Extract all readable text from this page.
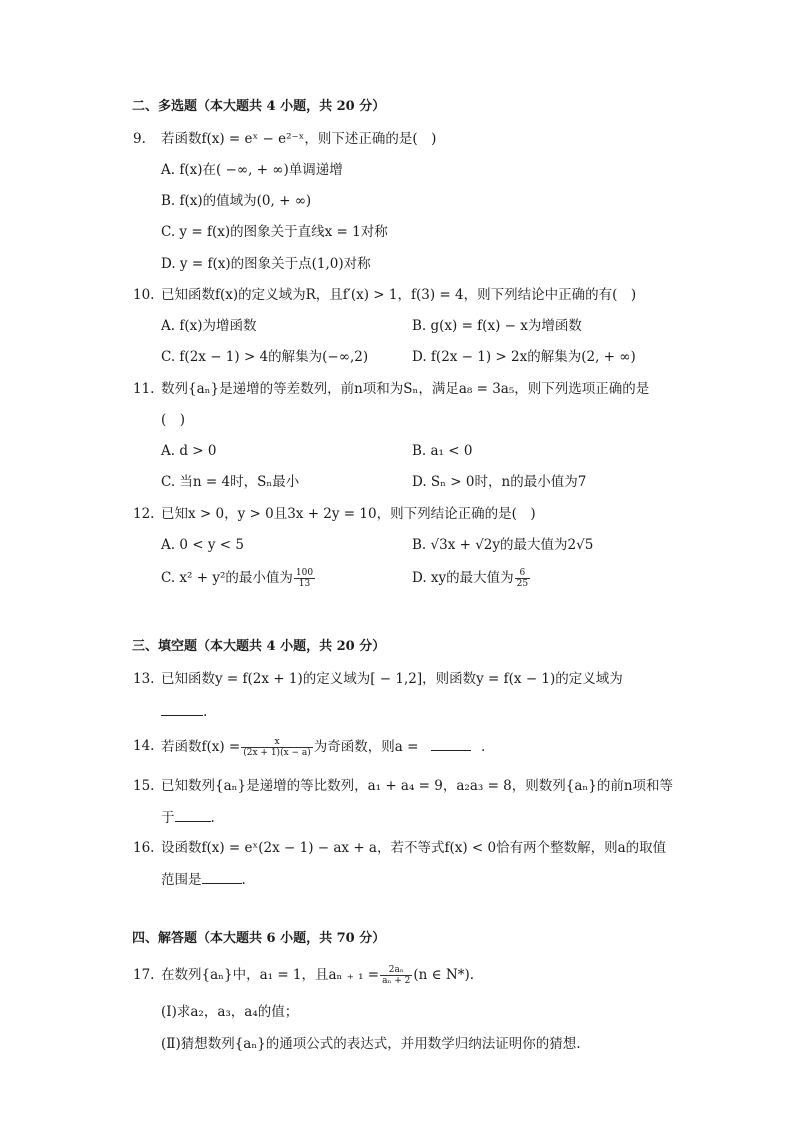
二、多选题（本大题共 4 小题，共 20 分）
9. 若函数f(x) = eˣ − e²⁻ˣ，则下述正确的是(　)
A. f(x)在( −∞, + ∞)单调递增
B. f(x)的值域为(0, + ∞)
C. y = f(x)的图象关于直线x = 1对称
D. y = f(x)的图象关于点(1,0)对称
10. 已知函数f(x)的定义域为R，且f′(x) > 1，f(3) = 4，则下列结论中正确的有(　)
A. f(x)为增函数	B. g(x) = f(x) − x为增函数
C. f(2x − 1) > 4的解集为(−∞,2)	D. f(2x − 1) > 2x的解集为(2, + ∞)
11. 数列{aₙ}是递增的等差数列，前n项和为Sₙ，满足a₈ = 3a₅，则下列选项正确的是
(　)
A. d > 0	B. a₁ < 0
C. 当n = 4时，Sₙ最小	D. Sₙ > 0时，n的最小值为7
12. 已知x > 0，y > 0且3x + 2y = 10，则下列结论正确的是(　)
A. 0 < y < 5	B. √3x + √2y的最大值为2√5
C. x² + y²的最小值为 $\frac{100}{13}$	D. xy的最大值为 $\frac{6}{25}$
三、填空题（本大题共 4 小题，共 20 分）
13. 已知函数y = f(2x + 1)的定义域为[ − 1,2]，则函数y = f(x − 1)的定义域为
.
14. 若函数$f(x) = \frac{x}{(2x + 1)(x - a)}$ 为奇函数，则a =	.
15. 已知数列{aₙ}是递增的等比数列，a₁ + a₄ = 9，a₂a₃ = 8，则数列{aₙ}的前n项和等
于	.
16. 设函数f(x) = eˣ(2x − 1) − ax + a，若不等式f(x) < 0恰有两个整数解，则a的取值
范围是	.
四、解答题（本大题共 6 小题，共 70 分）
17. 在数列{aₙ}中，a₁ = 1，且aₙ ₊ $_1 = \frac{\text{2aₙ}}{\text{aₙ + 2}} (n$ ∈ N*).
(Ⅰ)求a₂，a₃，a₄的值；
(Ⅱ)猜想数列{aₙ}的通项公式的表达式，并用数学归纳法证明你的猜想.
